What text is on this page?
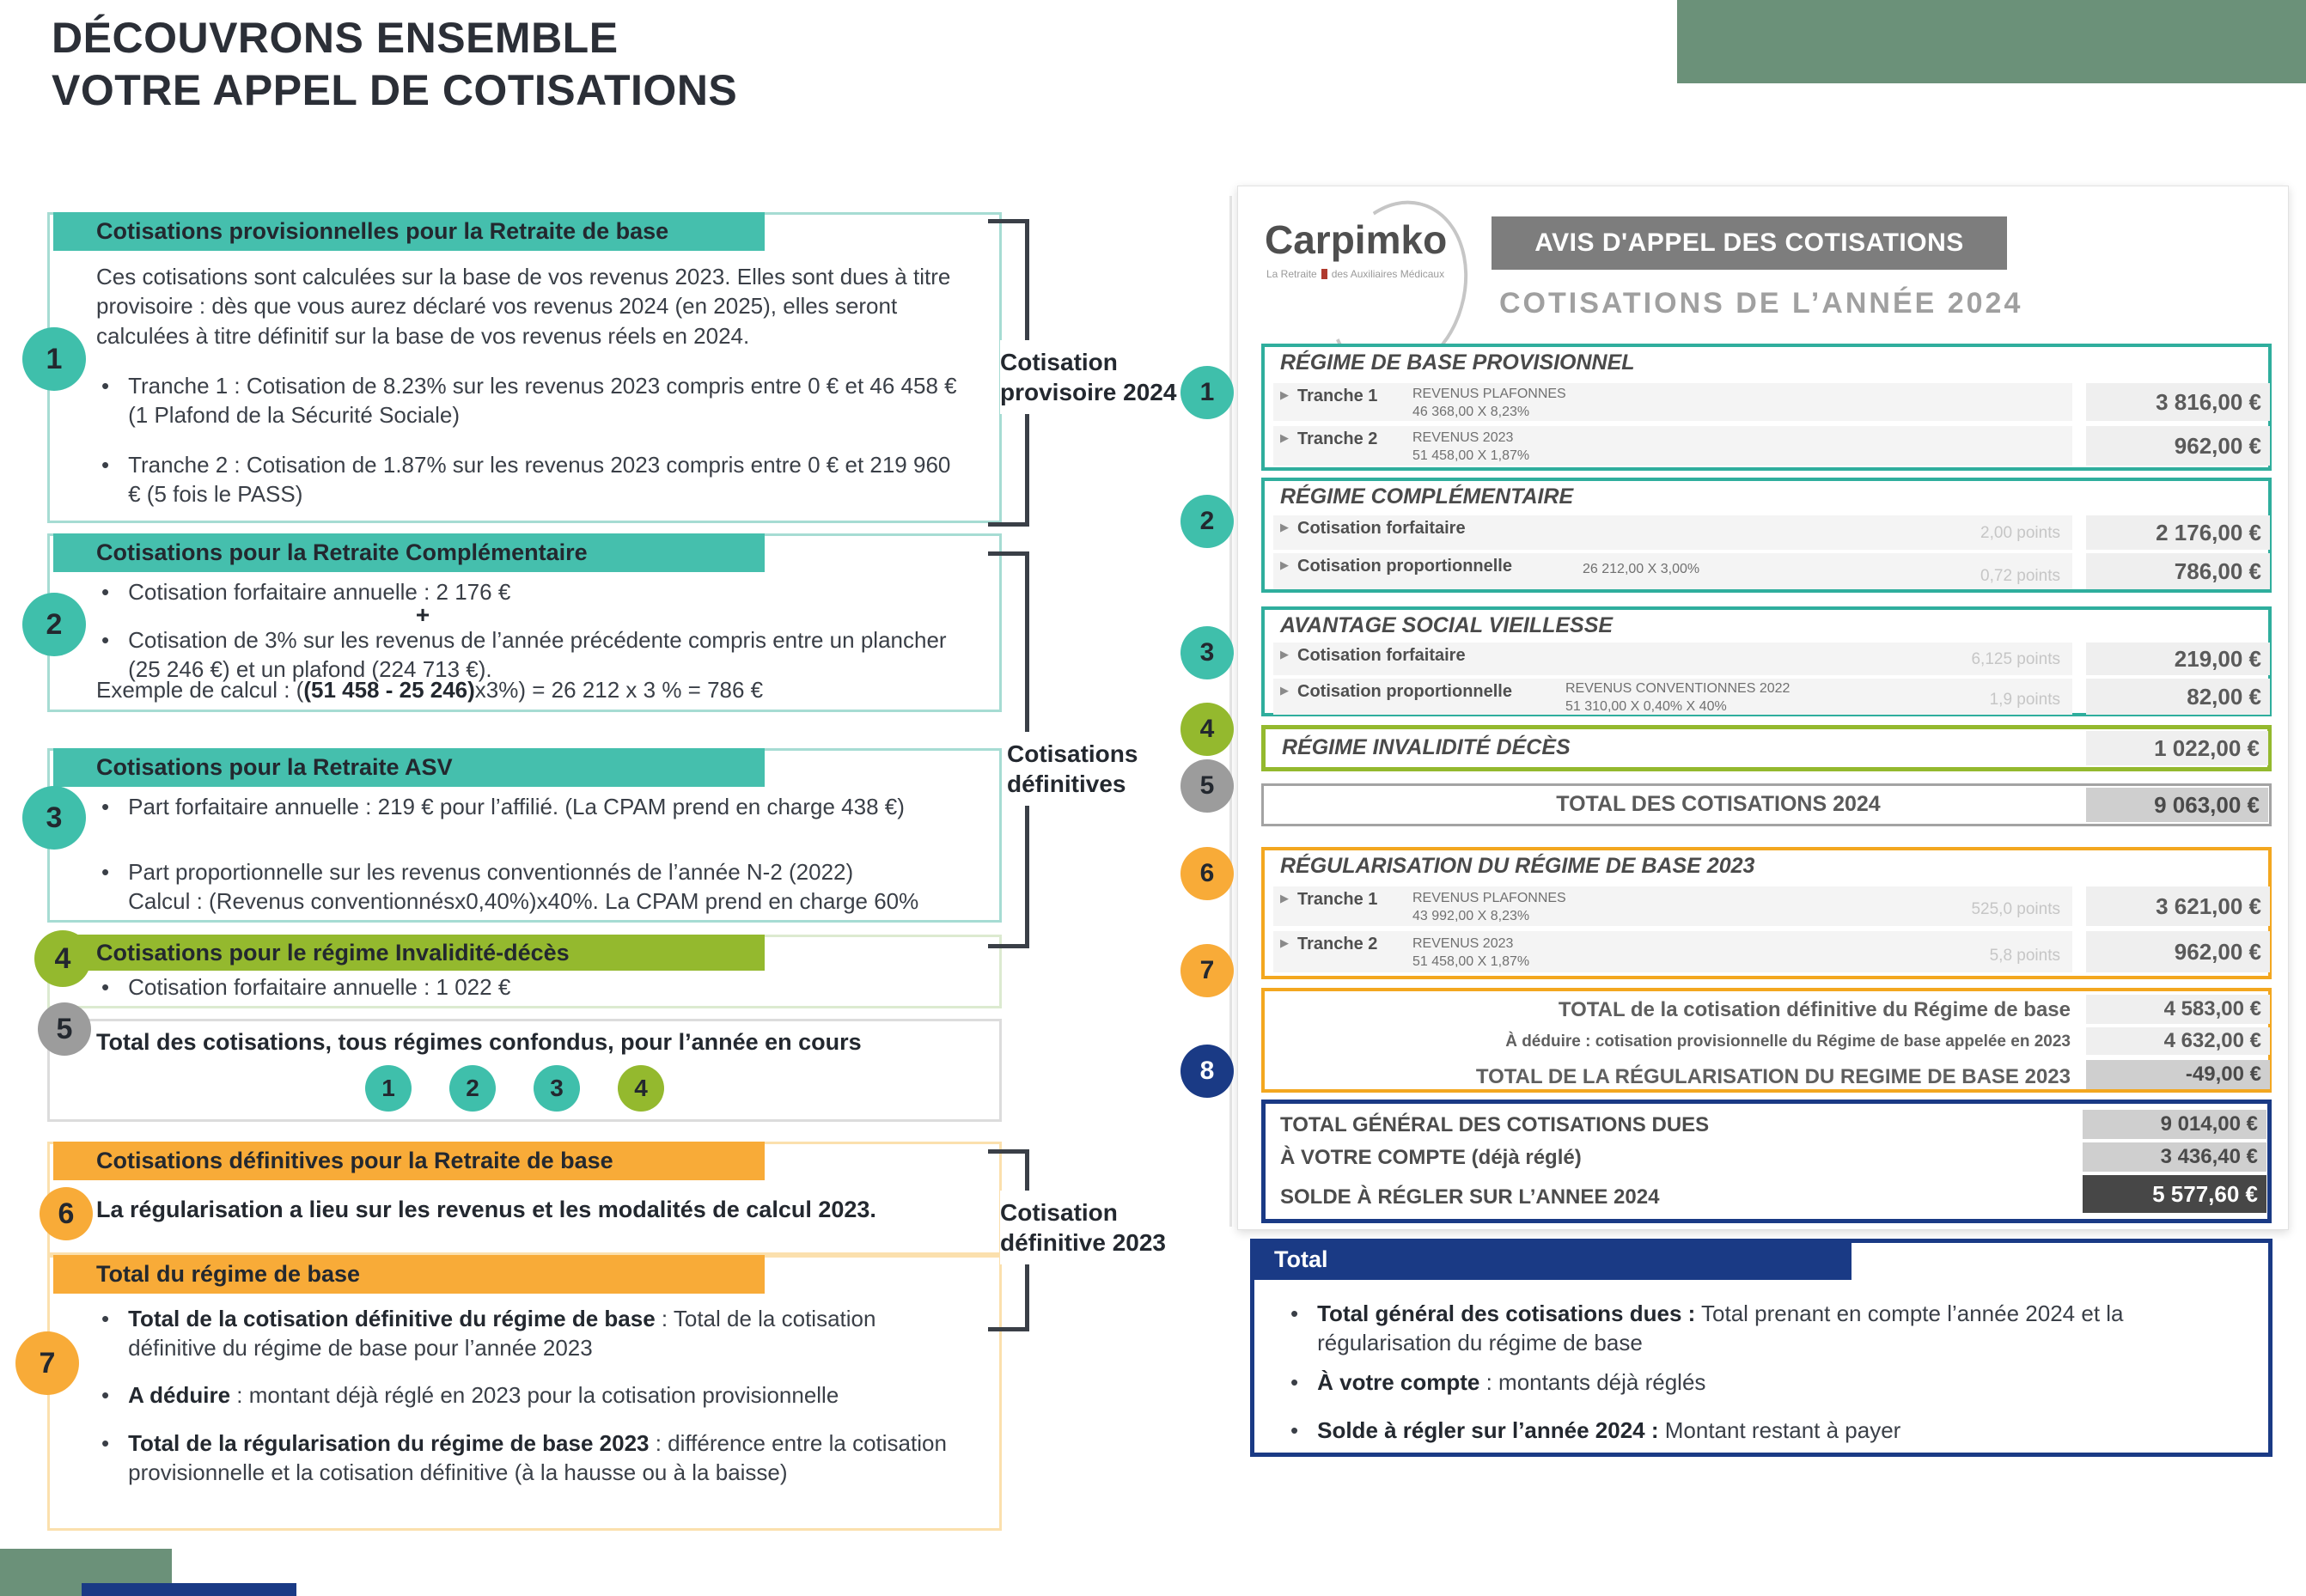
DÉCOUVRONS ENSEMBLE
VOTRE APPEL DE COTISATIONS
Cotisations provisionnelles pour la Retraite de base
Ces cotisations sont calculées sur la base de vos revenus 2023. Elles sont dues à titre provisoire : dès que vous aurez déclaré vos revenus 2024 (en 2025), elles seront calculées à titre définitif sur la base de vos revenus réels en 2024.
• Tranche 1 : Cotisation de 8.23% sur les revenus 2023 compris entre 0 € et 46 458 € (1 Plafond de la Sécurité Sociale)
• Tranche 2 : Cotisation de 1.87% sur les revenus 2023 compris entre 0 € et 219 960 € (5 fois le PASS)
1
Cotisations pour la Retraite Complémentaire
• Cotisation forfaitaire annuelle : 2 176 €
+
• Cotisation de 3% sur les revenus de l’année précédente compris entre un plancher (25 246 €) et un plafond (224 713 €).
Exemple de calcul : ((51 458 - 25 246)x3%) = 26 212 x 3 % = 786 €
2
Cotisations pour la Retraite ASV
• Part forfaitaire annuelle : 219 € pour l’affilié. (La CPAM prend en charge 438 €)
• Part proportionnelle sur les revenus conventionnés de l’année N-2 (2022)
Calcul : (Revenus conventionnésx0,40%)x40%. La CPAM prend en charge 60%
3
Cotisations pour le régime Invalidité-décès
• Cotisation forfaitaire annuelle : 1 022 €
4
Total des cotisations, tous régimes confondus, pour l’année en cours
1	2	3	4
5
Cotisations définitives pour la Retraite de base
La régularisation a lieu sur les revenus et les modalités de calcul 2023.
6
Total du régime de base
• Total de la cotisation définitive du régime de base : Total de la cotisation définitive du régime de base pour l’année 2023
• A déduire : montant déjà réglé en 2023 pour la cotisation provisionnelle
• Total de la régularisation du régime de base 2023 : différence entre la cotisation provisionnelle et la cotisation définitive (à la hausse ou à la baisse)
7
Cotisation provisoire 2024
Cotisations définitives
Cotisation définitive 2023
Carpimko
La Retraite des Auxiliaires Médicaux
AVIS D'APPEL DES COTISATIONS
COTISATIONS DE L’ANNÉE 2024
RÉGIME DE BASE PROVISIONNEL
▶ Tranche 1	REVENUS PLAFONNES
46 368,00 X 8,23%	3 816,00 €
▶ Tranche 2	REVENUS 2023
51 458,00 X 1,87%	962,00 €
RÉGIME COMPLÉMENTAIRE
▶ Cotisation forfaitaire	2,00 points	2 176,00 €
▶ Cotisation proportionnelle	26 212,00 X 3,00%	0,72 points	786,00 €
AVANTAGE SOCIAL VIEILLESSE
▶ Cotisation forfaitaire	6,125 points	219,00 €
▶ Cotisation proportionnelle	REVENUS CONVENTIONNES 2022
51 310,00 X 0,40% X 40%	1,9 points	82,00 €
RÉGIME INVALIDITÉ DÉCÈS	1 022,00 €
TOTAL DES COTISATIONS 2024	9 063,00 €
RÉGULARISATION DU RÉGIME DE BASE 2023
▶ Tranche 1	REVENUS PLAFONNES
43 992,00 X 8,23%	525,0 points	3 621,00 €
▶ Tranche 2	REVENUS 2023
51 458,00 X 1,87%	5,8 points	962,00 €
TOTAL de la cotisation définitive du Régime de base	4 583,00 €
À déduire : cotisation provisionnelle du Régime de base appelée en 2023	4 632,00 €
TOTAL DE LA RÉGULARISATION DU REGIME DE BASE 2023	-49,00 €
TOTAL GÉNÉRAL DES COTISATIONS DUES	9 014,00 €
À VOTRE COMPTE (déjà réglé)	3 436,40 €
SOLDE À RÉGLER SUR L’ANNEE 2024	5 577,60 €
1
2
3
4
5
6
7
8
Total
• Total général des cotisations dues : Total prenant en compte l’année 2024 et la régularisation du régime de base
• À votre compte : montants déjà réglés
• Solde à régler sur l’année 2024 : Montant restant à payer
